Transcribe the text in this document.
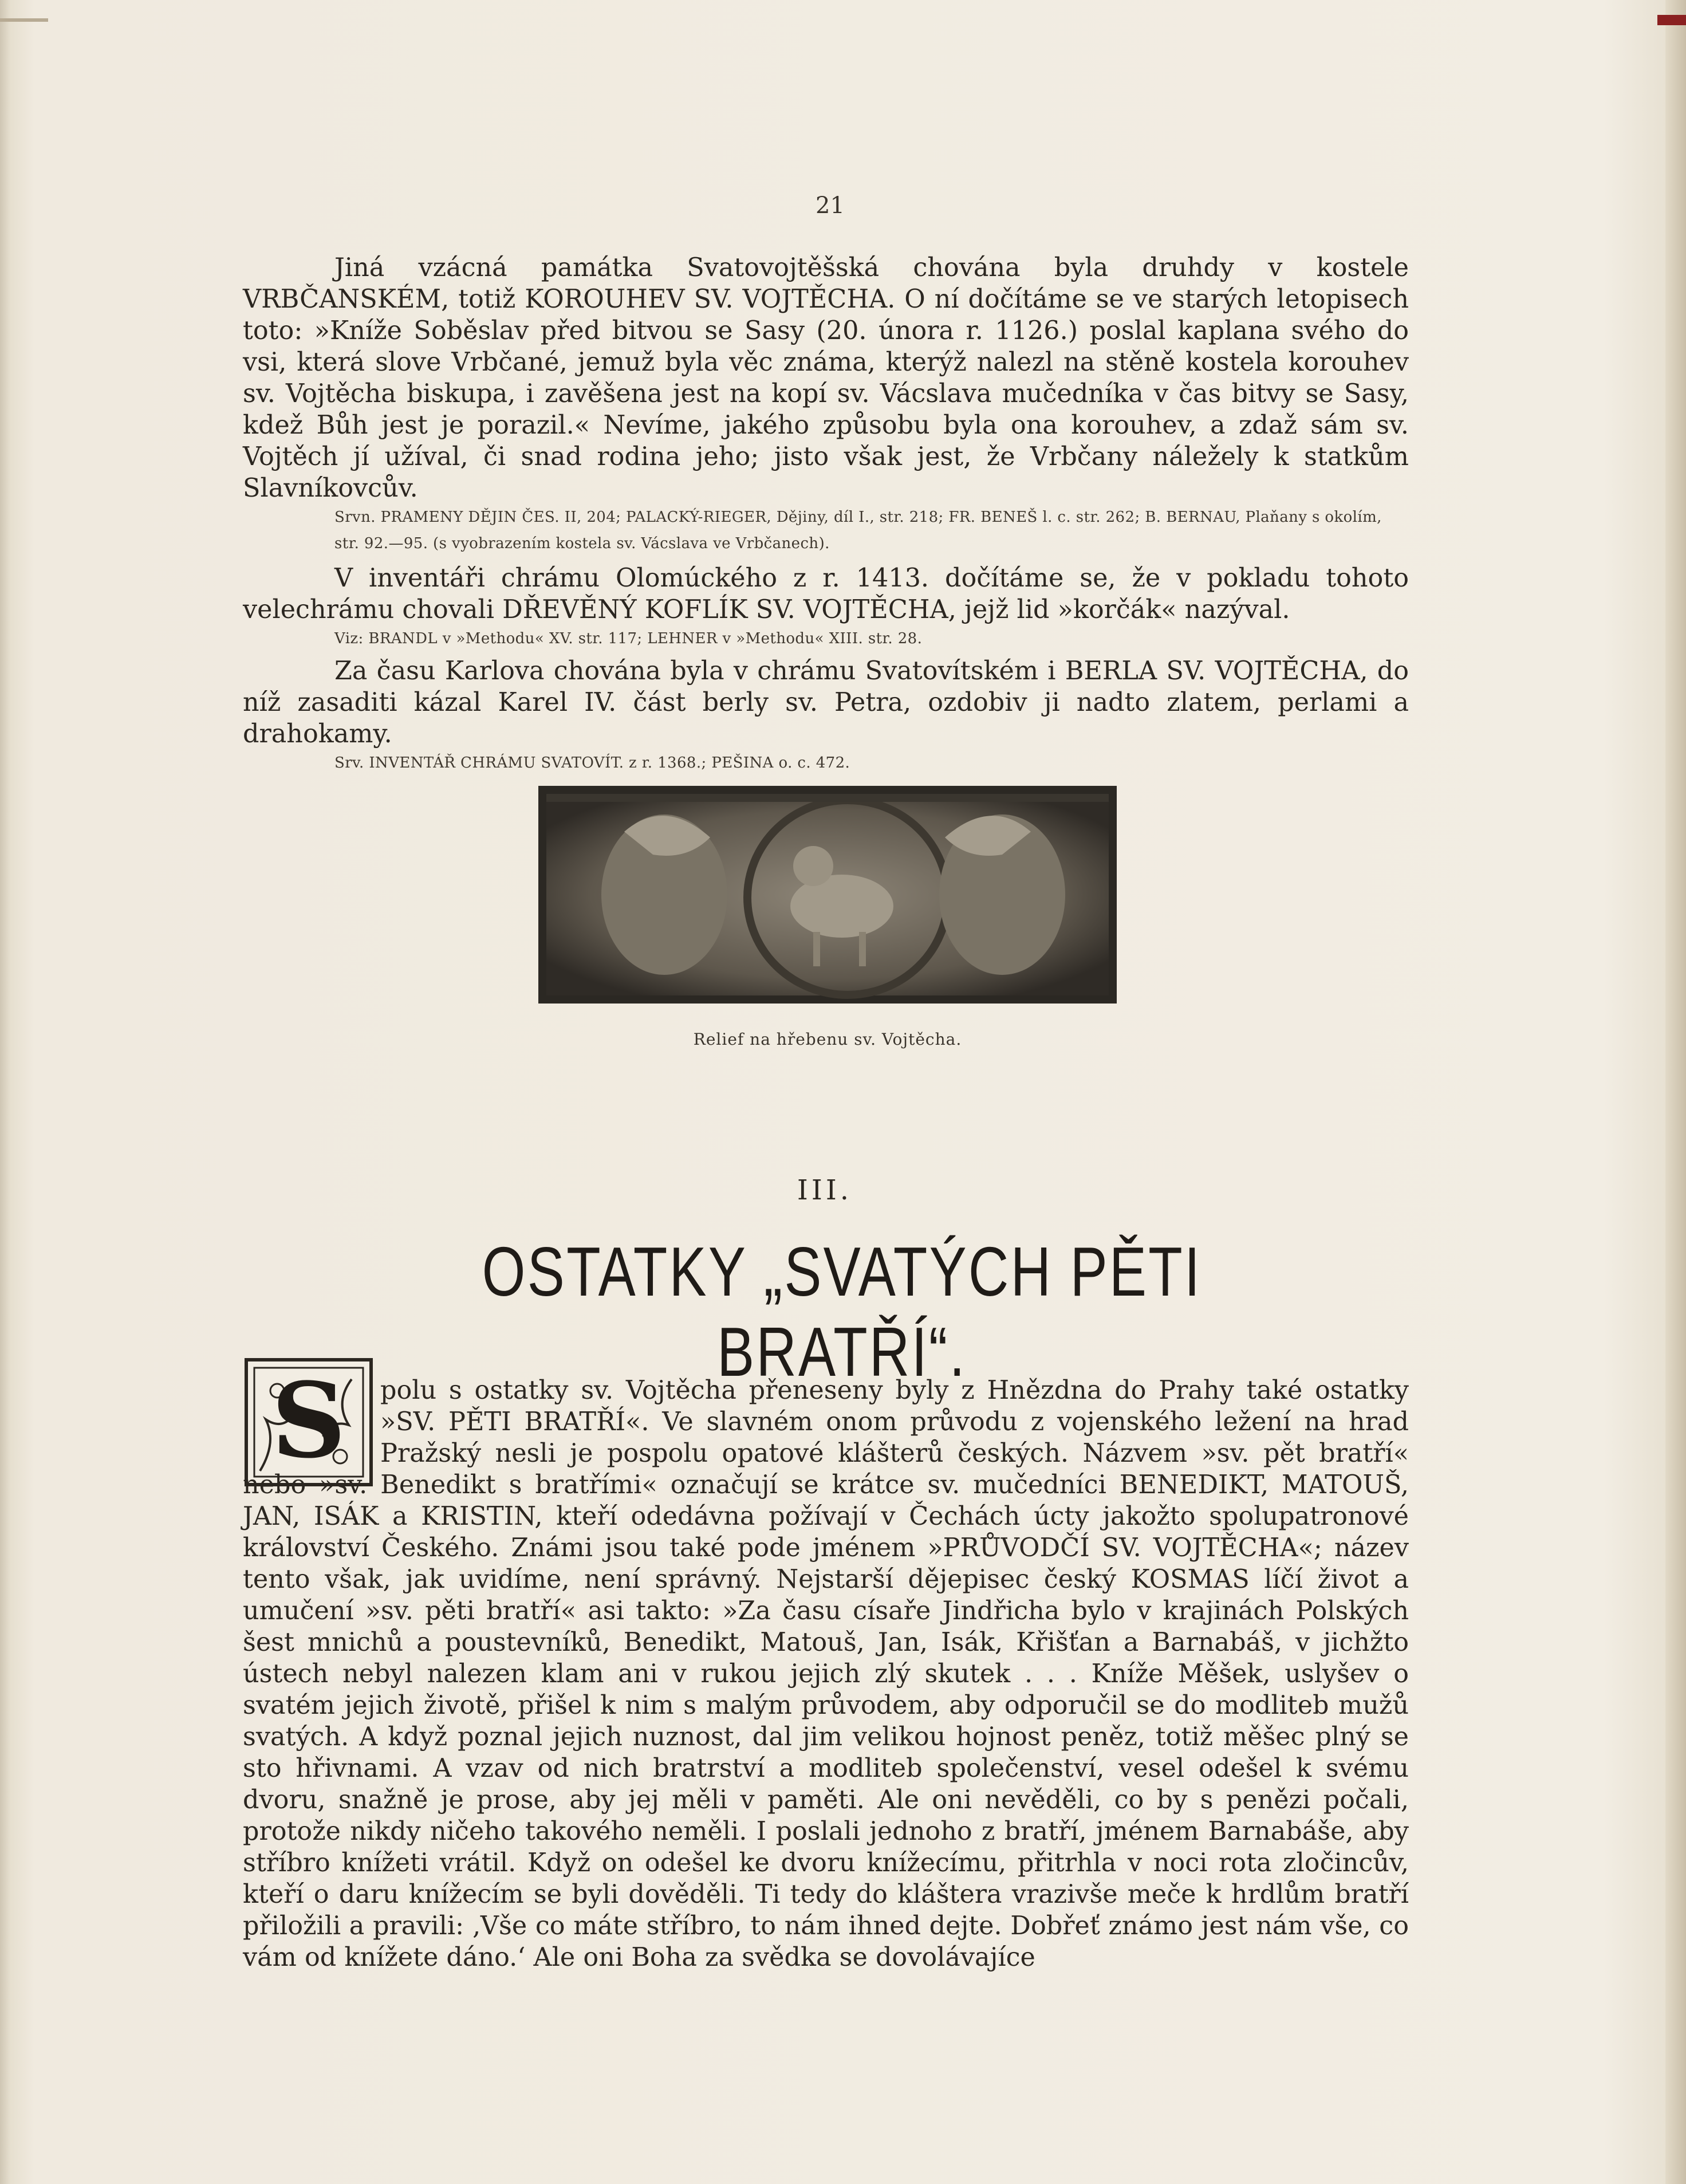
21

Jiná vzácná památka Svatovojtěšská chována byla druhdy v kostele VRBČANSKÉM, totiž KOROUHEV SV. VOJTĚCHA. O ní dočítáme se ve starých letopisech toto: »Kníže Soběslav před bitvou se Sasy (20. února r. 1126.) poslal kaplana svého do vsi, která slove Vrbčané, jemuž byla věc známa, kterýž nalezl na stěně kostela korouhev sv. Vojtěcha biskupa, i zavěšena jest na kopí sv. Vácslava mučedníka v čas bitvy se Sasy, kdež Bůh jest je porazil.« Nevíme, jakého způsobu byla ona korouhev, a zdaž sám sv. Vojtěch jí užíval, či snad rodina jeho; jisto však jest, že Vrbčany náležely k statkům Slavníkovcův.

Srvn. PRAMENY DĚJIN ČES. II, 204; PALACKÝ-RIEGER, Dějiny, díl I., str. 218; FR. BENEŠ l. c. str. 262; B. BERNAU, Plaňany s okolím, str. 92.—95. (s vyobrazením kostela sv. Vácslava ve Vrbčanech).

V inventáři chrámu Olomúckého z r. 1413. dočítáme se, že v pokladu tohoto velechrámu chovali DŘEVĚNÝ KOFLÍK SV. VOJTĚCHA, jejž lid »korčák« nazýval.

Viz: BRANDL v »Methodu« XV. str. 117; LEHNER v »Methodu« XIII. str. 28.

Za času Karlova chována byla v chrámu Svatovítském i BERLA SV. VOJTĚCHA, do níž zasaditi kázal Karel IV. část berly sv. Petra, ozdobiv ji nadto zlatem, perlami a drahokamy.

Srv. INVENTÁŘ CHRÁMU SVATOVÍT. z r. 1368.; PEŠINA o. c. 472.

Relief na hřebenu sv. Vojtěcha.

III.

OSTATKY „SVATÝCH PĚTI BRATŘÍ“.
S	polu s ostatky sv. Vojtěcha přeneseny byly z Hnězdna do Prahy také ostatky »SV. PĚTI BRATŘÍ«. Ve slavném onom průvodu z vojenského ležení na hrad Pražský nesli je pospolu opatové klášterů českých. Názvem »sv. pět bratří« nebo »sv. Benedikt s bratřími« označují se krátce sv. mučedníci BENEDIKT, MATOUŠ, JAN, ISÁK a KRISTIN, kteří odedávna požívají v Čechách úcty jakožto spolupatronové království Českého. Známi jsou také pode jménem »PRŮVODČÍ SV. VOJTĚCHA«; název tento však, jak uvidíme, není správný. Nejstarší dějepisec český KOSMAS líčí život a umučení »sv. pěti bratří« asi takto: »Za času císaře Jindřicha bylo v krajinách Polských šest mnichů a poustevníků, Benedikt, Matouš, Jan, Isák, Křišťan a Barnabáš, v jichžto ústech nebyl nalezen klam ani v rukou jejich zlý skutek . . . Kníže Měšek, uslyšev o svatém jejich životě, přišel k nim s malým průvodem, aby odporučil se do modlitеb mužů svatých. A když poznal jejich nuznost, dal jim velikou hojnost peněz, totiž měšec plný se sto hřivnami. A vzav od nich bratrství a modliteb společenství, vesel odešel k svému dvoru, snažně je prose, aby jej měli v paměti. Ale oni nevěděli, co by s penězi počali, protože nikdy ničeho takového neměli. I poslali jednoho z bratří, jménem Barnabáše, aby stříbro knížeti vrátil. Když on odešel ke dvoru knížecímu, přitrhla v noci rota zločincův, kteří o daru knížecím se byli dověděli. Ti tedy do kláštera vrazivše meče k hrdlům bratří přiložili a pravili: ‚Vše co máte stříbro, to nám ihned dejte. Dobřeť známo jest nám vše, co vám od knížete dáno.‘ Ale oni Boha za svědka se dovolávajíce
